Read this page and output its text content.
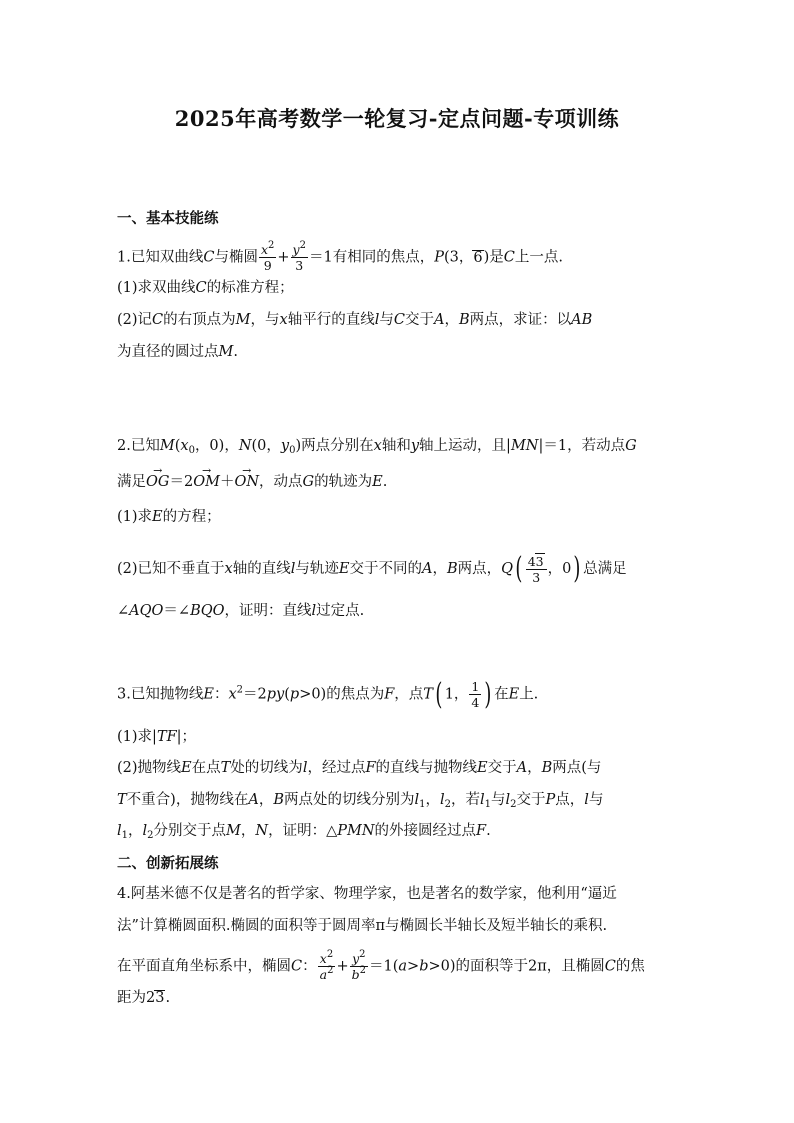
2025年高考数学一轮复习-定点问题-专项训练
一、基本技能练
1.已知双曲线C与椭圆 $\frac{x^2}{9} + \frac{y^2}{3} =1$有相同的焦点，P(3，6)是C上一点.
(1)求双曲线C的标准方程；
(2)记C的右顶点为M，与x轴平行的直线l与C交于A，B两点，求证：以AB
为直径的圆过点M.
2.已知$M(x_0$，0)，N(0，$y_0$)两点分别在x轴和y轴上运动，且|MN|＝1，若动点G
满足→ OG＝2→ OM＋→ ON，动点G的轨迹为E.
(1)求E的方程；
(2)已知不垂直于x轴的直线l与轨迹E交于不同的A，B两点，$Q( \frac{43}{3}$ ，0) 总满足
∠AQO＝∠BQO，证明：直线l过定点.
3.已知抛物线E：$x^2=2py(p>0)$的焦点为F，点T( 1， $\frac{1}{4}$ ) 在E上.
(1)求|TF|；
(2)抛物线E在点T处的切线为l，经过点F的直线与抛物线E交于A，B两点(与
T不重合)，抛物线在A，B两点处的切线分别为$l_1$，$l_2$，若$l_1$与$l_2$交于P点，l与
$l_1$，$l_2$分别交于点M，N，证明：△PMN的外接圆经过点F.
二、创新拓展练
4.阿基米德不仅是著名的哲学家、物理学家，也是著名的数学家，他利用“逼近
法”计算椭圆面积.椭圆的面积等于圆周率π与椭圆长半轴长及短半轴长的乘积.
在平面直角坐标系中，椭圆C： $\frac{x^2}{a^2} + \frac{y^2}{b^2} =1(a>b>0)$的面积等于2π，且椭圆C的焦
距为23.
